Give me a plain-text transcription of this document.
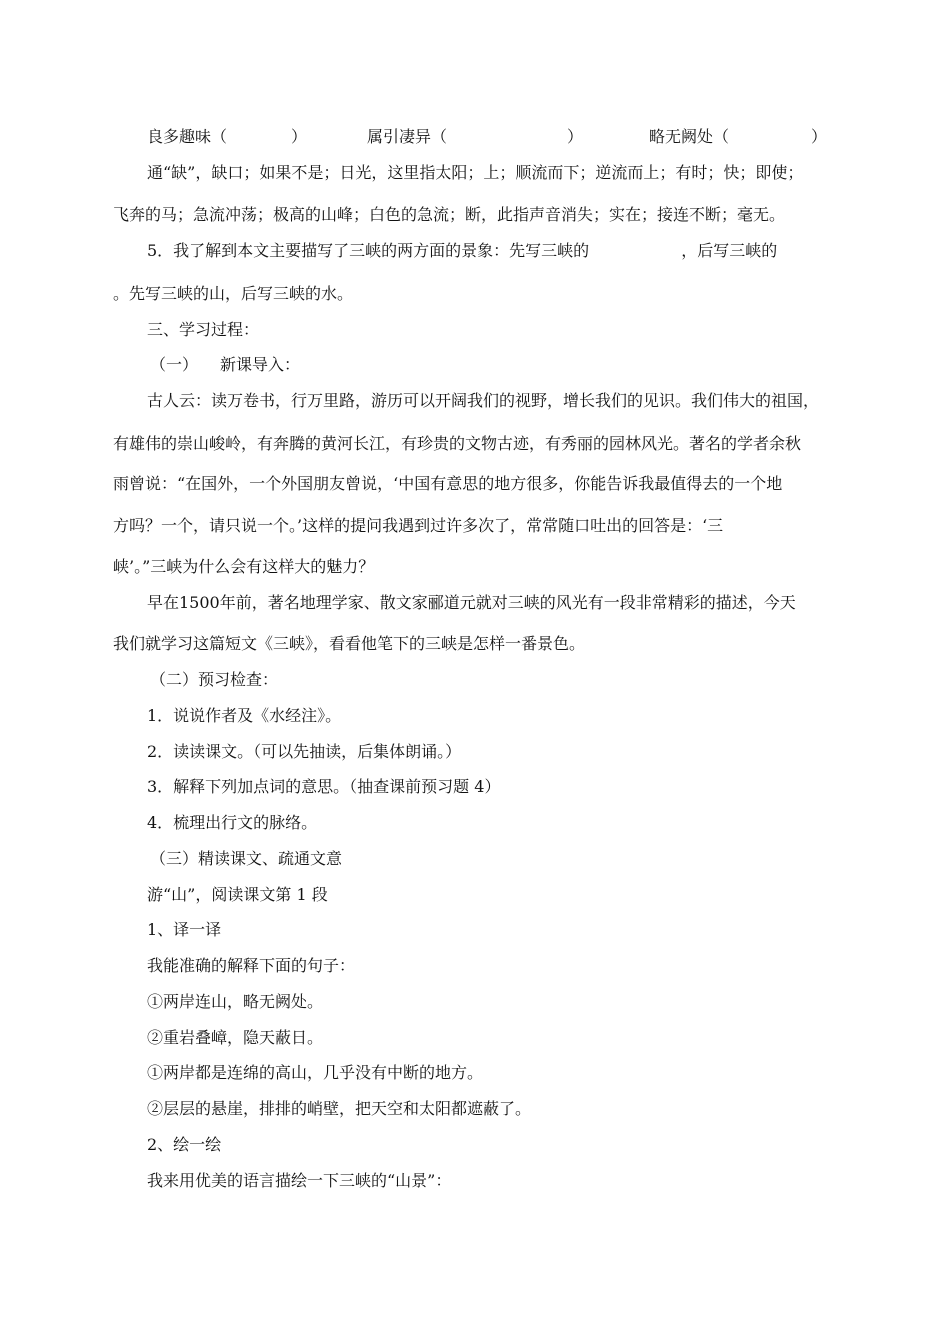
良多趣味（	）	属引凄异（	）	略无阙处（	）
通“缺”，缺口；如果不是；日光，这里指太阳；上；顺流而下；逆流而上；有时；快；即使；
飞奔的马；急流冲荡；极高的山峰；白色的急流；断，此指声音消失；实在；接连不断；毫无。
5．我了解到本文主要描写了三峡的两方面的景象：先写三峡的	，后写三峡的
。先写三峡的山，后写三峡的水。
三、学习过程：
（一） 新课导入：
古人云：读万卷书，行万里路，游历可以开阔我们的视野，增长我们的见识。我们伟大的祖国，
有雄伟的崇山峻岭，有奔腾的黄河长江，有珍贵的文物古迹，有秀丽的园林风光。著名的学者余秋
雨曾说：“在国外，一个外国朋友曾说，‘中国有意思的地方很多，你能告诉我最值得去的一个地
方吗？一个，请只说一个。’这样的提问我遇到过许多次了，常常随口吐出的回答是：‘三
峡’。”三峡为什么会有这样大的魅力？
早在1500年前，著名地理学家、散文家郦道元就对三峡的风光有一段非常精彩的描述，今天
我们就学习这篇短文《三峡》，看看他笔下的三峡是怎样一番景色。
（二）预习检查：
1．说说作者及《水经注》。
2．读读课文。（可以先抽读，后集体朗诵。）
3．解释下列加点词的意思。（抽查课前预习题 4）
4．梳理出行文的脉络。
（三）精读课文、疏通文意
游“山”，阅读课文第 1 段
1、译一译
我能准确的解释下面的句子：
①两岸连山，略无阙处。
②重岩叠嶂，隐天蔽日。
①两岸都是连绵的高山，几乎没有中断的地方。
②层层的悬崖，排排的峭壁，把天空和太阳都遮蔽了。
2、绘一绘
我来用优美的语言描绘一下三峡的“山景”：
